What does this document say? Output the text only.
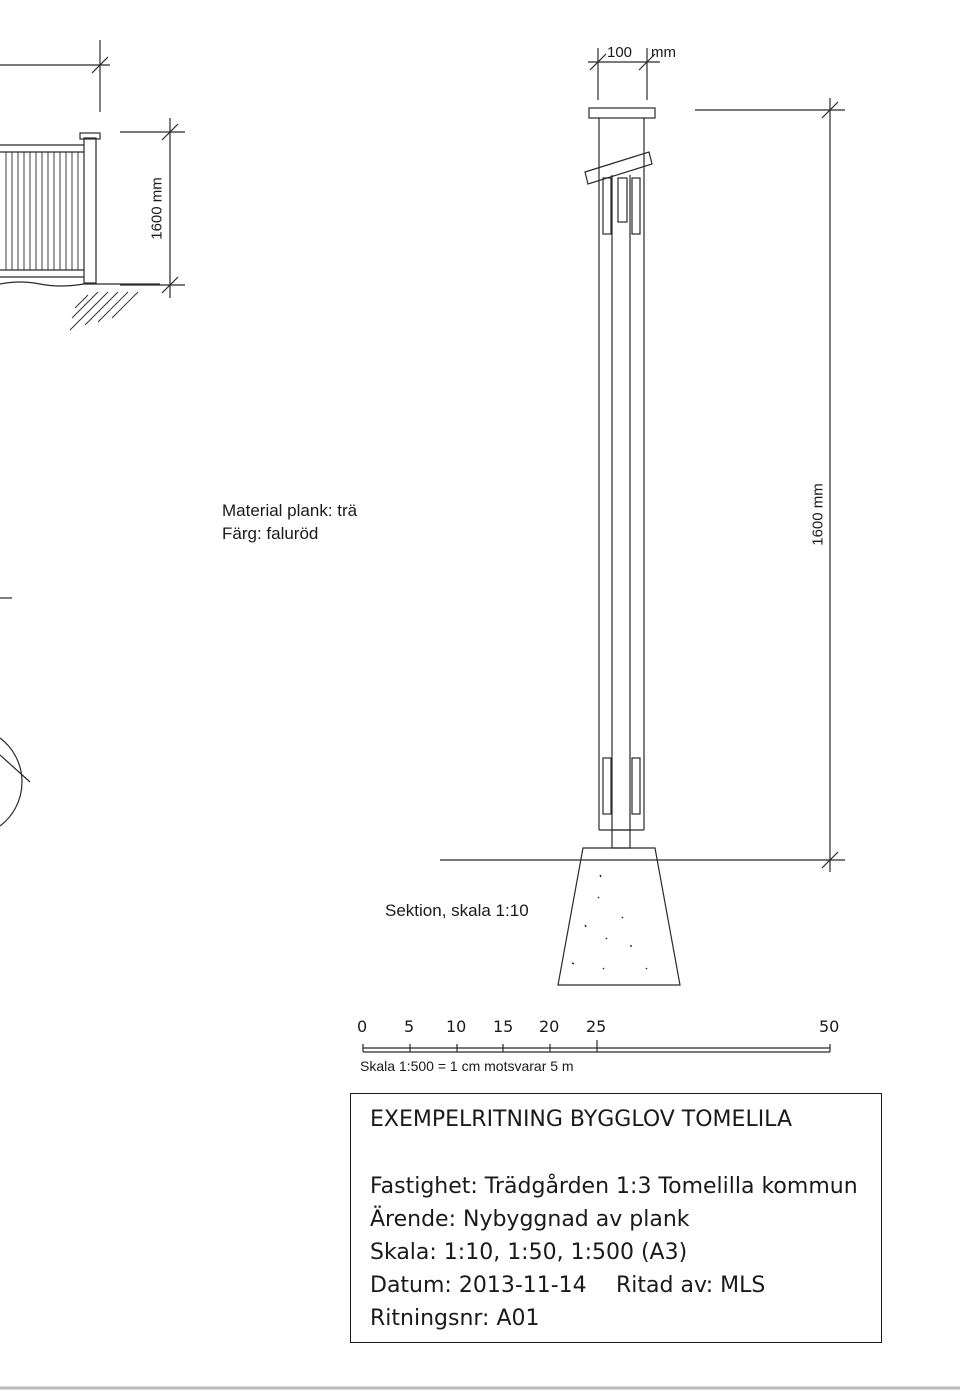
100 mm
1600 mm
1600 mm
Material plank: trä
Färg: faluröd
Sektion, skala 1:10
0 5 10 15 20 25	50
Skala 1:500 = 1 cm motsvarar 5 m
EXEMPELRITNING BYGGLOV TOMELILA
Fastighet: Trädgården 1:3 Tomelilla kommun
Ärende: Nybyggnad av plank
Skala: 1:10, 1:50, 1:500 (A3)
Datum: 2013-11-14 Ritad av: MLS
Ritningsnr: A01
